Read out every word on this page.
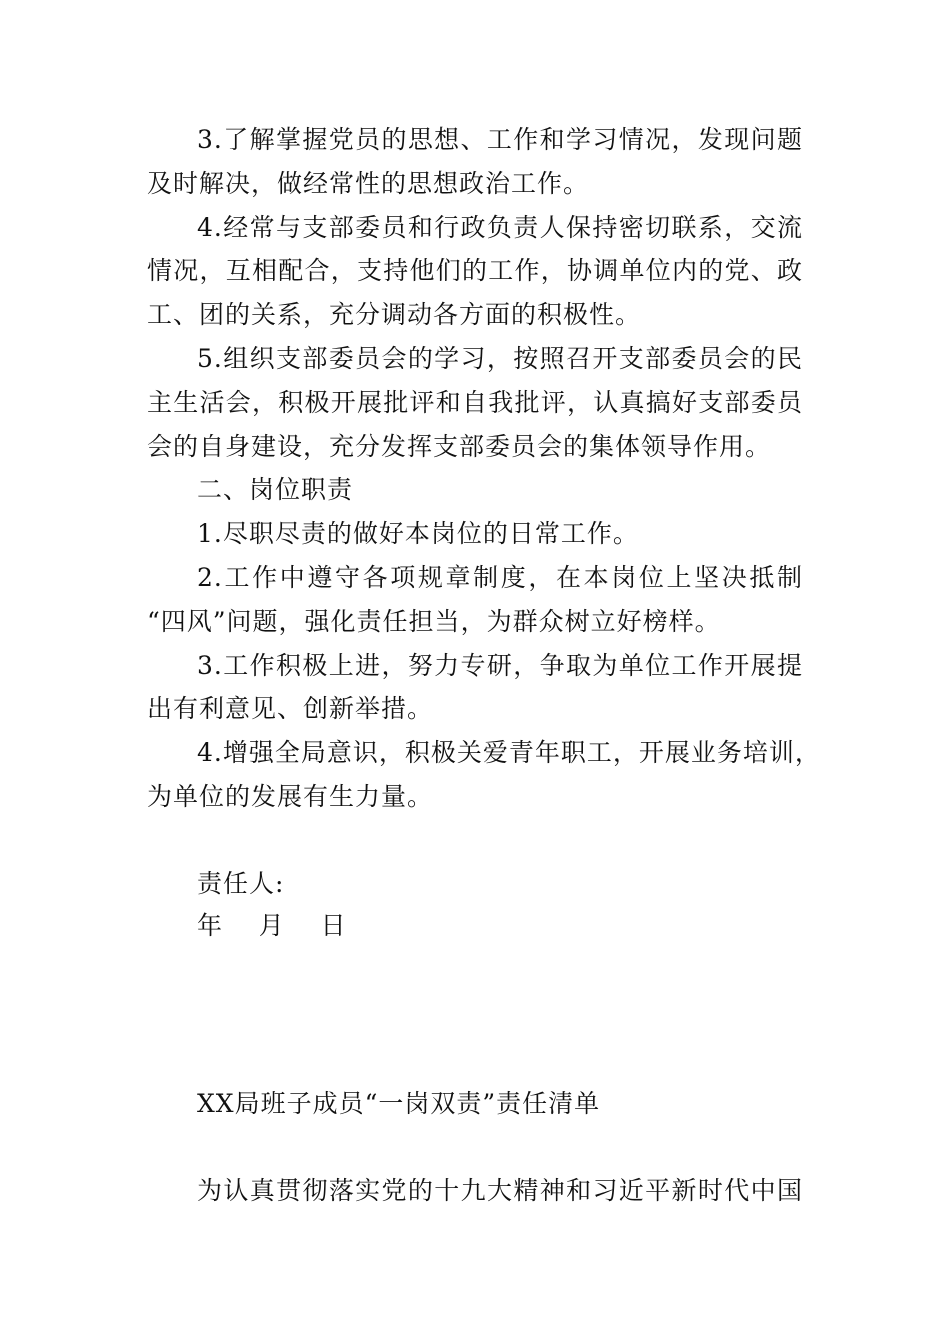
3.了解掌握党员的思想、工作和学习情况，发现问题
及时解决，做经常性的思想政治工作。
4.经常与支部委员和行政负责人保持密切联系，交流
情况，互相配合，支持他们的工作，协调单位内的党、政
工、团的关系，充分调动各方面的积极性。
5.组织支部委员会的学习，按照召开支部委员会的民
主生活会，积极开展批评和自我批评，认真搞好支部委员
会的自身建设，充分发挥支部委员会的集体领导作用。
二、岗位职责
1.尽职尽责的做好本岗位的日常工作。
2.工作中遵守各项规章制度，在本岗位上坚决抵制
“四风”问题，强化责任担当，为群众树立好榜样。
3.工作积极上进，努力专研，争取为单位工作开展提
出有利意见、创新举措。
4.增强全局意识，积极关爱青年职工，开展业务培训，
为单位的发展有生力量。
责任人:
年    月    日
XX局班子成员“一岗双责”责任清单
为认真贯彻落实党的十九大精神和习近平新时代中国
